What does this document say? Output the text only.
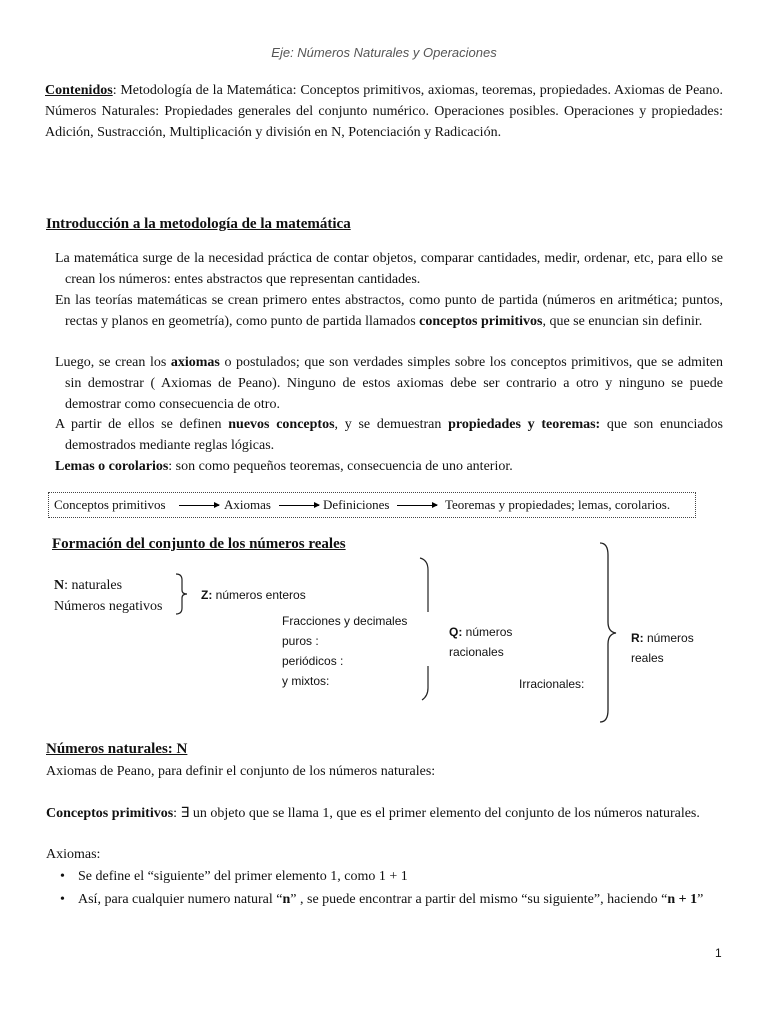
Eje: Números Naturales y Operaciones
Contenidos: Metodología de la Matemática: Conceptos primitivos, axiomas, teoremas, propiedades. Axiomas de Peano. Números Naturales: Propiedades generales del conjunto numérico. Operaciones posibles. Operaciones y propiedades: Adición, Sustracción, Multiplicación y división en N, Potenciación y Radicación.
Introducción a la metodología de la matemática
La matemática surge de la necesidad práctica de contar objetos, comparar cantidades, medir, ordenar, etc, para ello se crean los números: entes abstractos que representan cantidades.
En las teorías matemáticas se crean primero entes abstractos, como punto de partida (números en aritmética; puntos, rectas y planos en geometría), como punto de partida llamados conceptos primitivos, que se enuncian sin definir.
Luego, se crean los axiomas o postulados; que son verdades simples sobre los conceptos primitivos, que se admiten sin demostrar ( Axiomas de Peano). Ninguno de estos axiomas debe ser contrario a otro y ninguno se puede demostrar como consecuencia de otro.
A partir de ellos se definen nuevos conceptos, y se demuestran propiedades y teoremas: que son enunciados demostrados mediante reglas lógicas.
Lemas o corolarios: son como pequeños teoremas, consecuencia de uno anterior.
Conceptos primitivos	Axiomas	Definiciones	Teoremas y propiedades; lemas, corolarios.
Formación del conjunto de los números reales
N: naturales
Números negativos
Z: números enteros
Fracciones y decimales
puros :
periódicos :
y mixtos:
Q: números
racionales
Irracionales:
R: números
reales
Números naturales: N
Axiomas de Peano, para definir el conjunto de los números naturales:
Conceptos primitivos: ∃ un objeto que se llama 1, que es el primer elemento del conjunto de los números naturales.
Axiomas:
• Se define el “siguiente” del primer elemento 1, como 1 + 1
• Así, para cualquier numero natural “n” , se puede encontrar a partir del mismo “su siguiente”, haciendo “n + 1”
1
